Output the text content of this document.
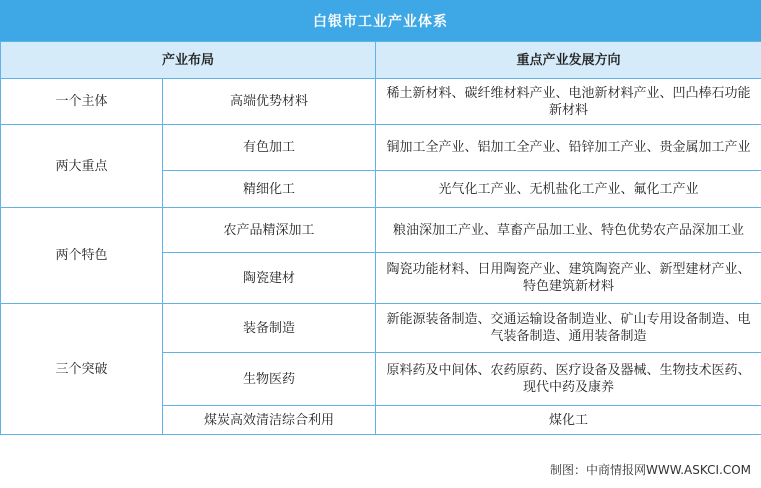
白银市工业产业体系
产业布局		重点产业发展方向
一个主体	高端优势材料	稀土新材料、碳纤维材料产业、电池新材料产业、凹凸棒石功能新材料
两大重点	有色加工	铜加工全产业、铝加工全产业、铅锌加工产业、贵金属加工产业
	精细化工	光气化工产业、无机盐化工产业、氟化工产业
两个特色	农产品精深加工	粮油深加工产业、草畜产品加工业、特色优势农产品深加工业
	陶瓷建材	陶瓷功能材料、日用陶瓷产业、建筑陶瓷产业、新型建材产业、特色建筑新材料
三个突破	装备制造	新能源装备制造、交通运输设备制造业、矿山专用设备制造、电气装备制造、通用装备制造
	生物医药	原料药及中间体、农药原药、医疗设备及器械、生物技术医药、现代中药及康养
	煤炭高效清洁综合利用	煤化工
制图：中商情报网WWW.ASKCI.COM
